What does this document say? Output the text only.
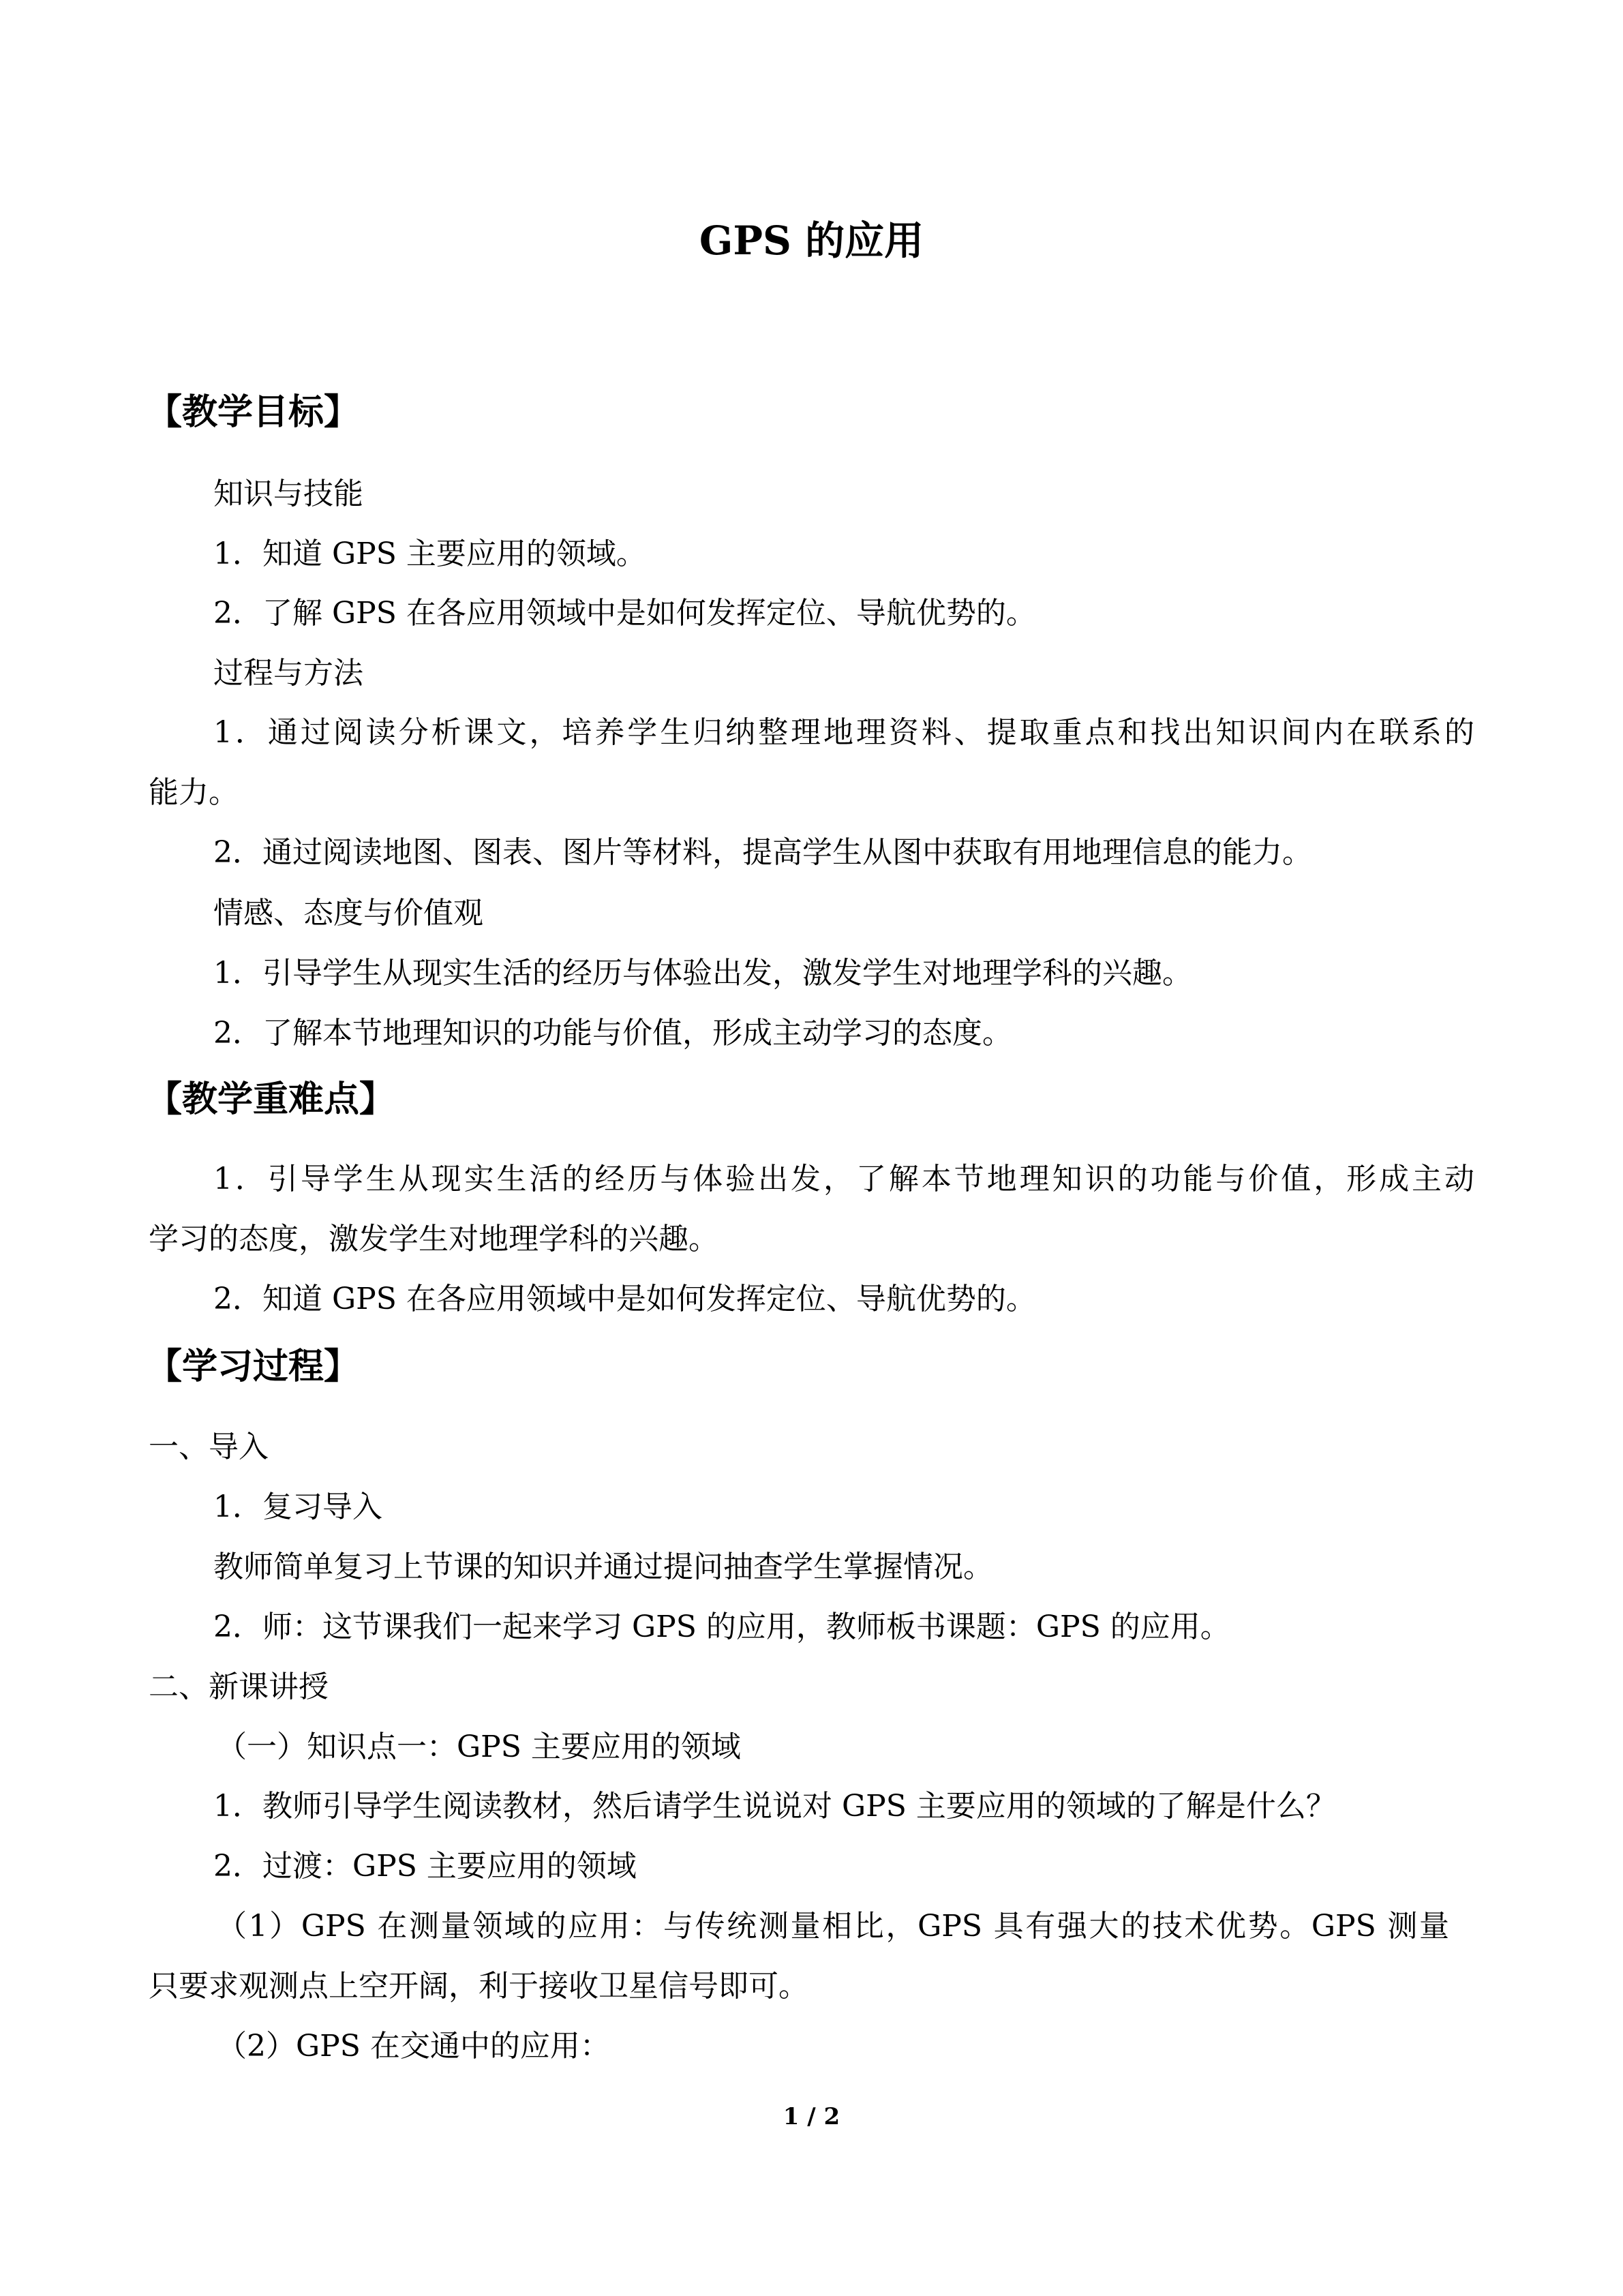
GPS 的应用
【教学目标】
知识与技能
1．知道 GPS 主要应用的领域。
2．了解 GPS 在各应用领域中是如何发挥定位、导航优势的。
过程与方法
1．通过阅读分析课文，培养学生归纳整理地理资料、提取重点和找出知识间内在联系的
能力。
2．通过阅读地图、图表、图片等材料，提高学生从图中获取有用地理信息的能力。
情感、态度与价值观
1．引导学生从现实生活的经历与体验出发，激发学生对地理学科的兴趣。
2．了解本节地理知识的功能与价值，形成主动学习的态度。
【教学重难点】
1．引导学生从现实生活的经历与体验出发，了解本节地理知识的功能与价值，形成主动
学习的态度，激发学生对地理学科的兴趣。
2．知道 GPS 在各应用领域中是如何发挥定位、导航优势的。
【学习过程】
一、导入
1．复习导入
教师简单复习上节课的知识并通过提问抽查学生掌握情况。
2．师：这节课我们一起来学习 GPS 的应用，教师板书课题：GPS 的应用。
二、新课讲授
（一）知识点一：GPS 主要应用的领域
1．教师引导学生阅读教材，然后请学生说说对 GPS 主要应用的领域的了解是什么？
2．过渡：GPS 主要应用的领域
（1）GPS 在测量领域的应用：与传统测量相比，GPS 具有强大的技术优势。GPS 测量
只要求观测点上空开阔，利于接收卫星信号即可。
（2）GPS 在交通中的应用：
1 / 2
